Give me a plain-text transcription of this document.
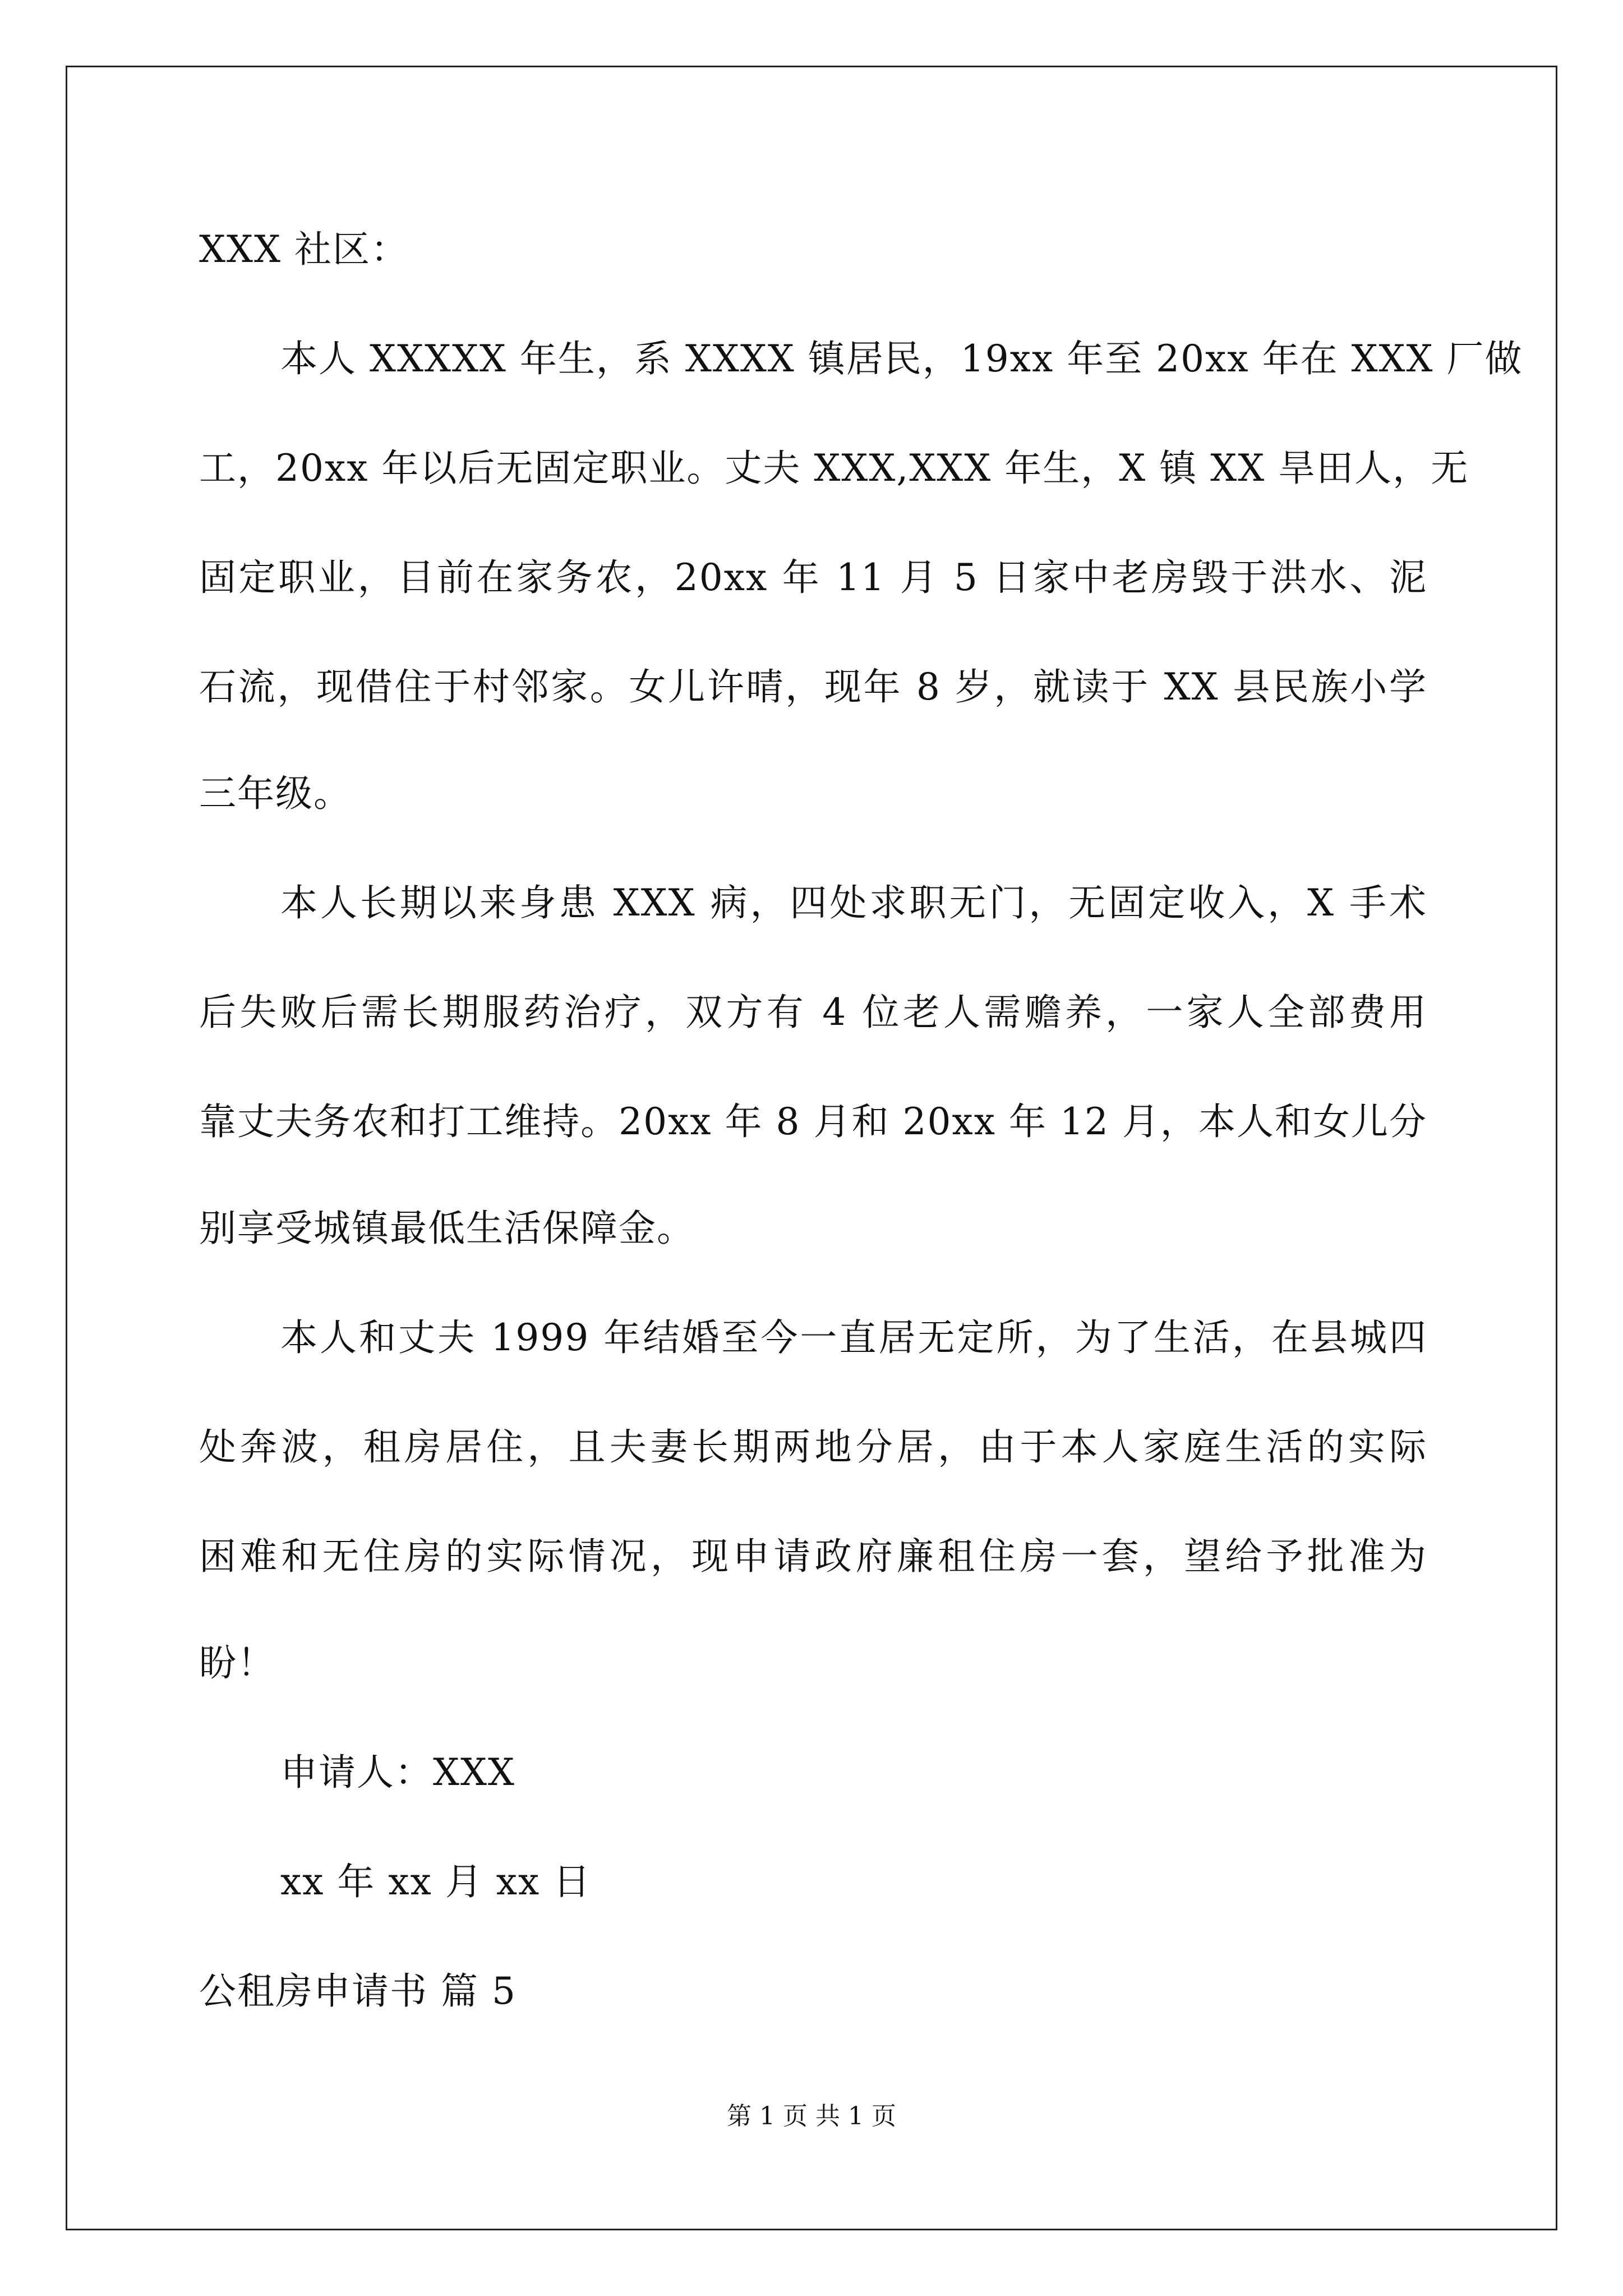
XXX 社区：
本人 XXXXX 年生，系 XXXX 镇居民，19xx 年至 20xx 年在 XXX 厂做
工，20xx 年以后无固定职业。丈夫 XXX,XXX 年生，X 镇 XX 旱田人，无
固定职业，目前在家务农，20xx 年 11 月 5 日家中老房毁于洪水、泥
石流，现借住于村邻家。女儿许晴，现年 8 岁，就读于 XX 县民族小学
三年级。
本人长期以来身患 XXX 病，四处求职无门，无固定收入，X 手术
后失败后需长期服药治疗，双方有 4 位老人需赡养，一家人全部费用
靠丈夫务农和打工维持。20xx 年 8 月和 20xx 年 12 月，本人和女儿分
别享受城镇最低生活保障金。
本人和丈夫 1999 年结婚至今一直居无定所，为了生活，在县城四
处奔波，租房居住，且夫妻长期两地分居，由于本人家庭生活的实际
困难和无住房的实际情况，现申请政府廉租住房一套，望给予批准为
盼！
申请人：XXX
xx 年 xx 月 xx 日
公租房申请书 篇 5
第 1 页 共 1 页
